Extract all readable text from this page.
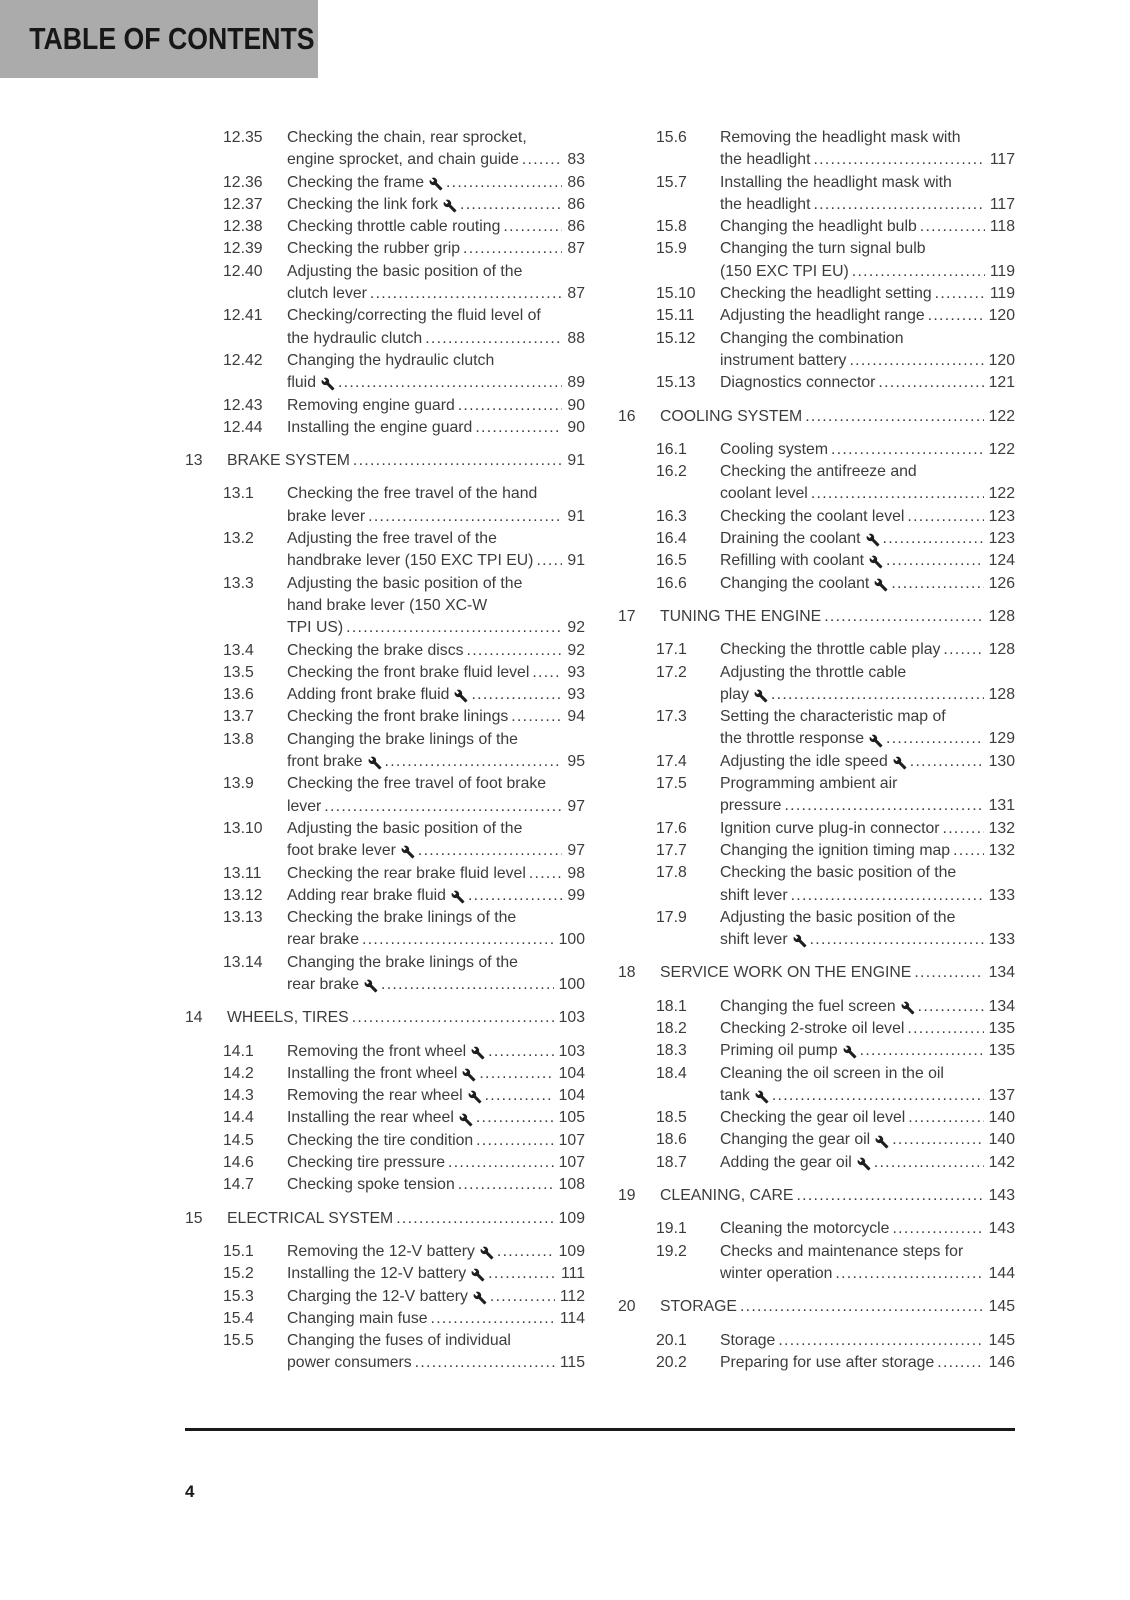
TABLE OF CONTENTS
12.35	Checking the chain, rear sprocket,
engine sprocket, and chain guide .....	83
12.36	Checking the frame .....	86
12.37	Checking the link fork .....	86
12.38	Checking throttle cable routing .....	86
12.39	Checking the rubber grip .....	87
12.40	Adjusting the basic position of the
clutch lever .....	87
12.41	Checking/correcting the fluid level of
the hydraulic clutch .....	88
12.42	Changing the hydraulic clutch
fluid .....	89
12.43	Removing engine guard .....	90
12.44	Installing the engine guard .....	90
13	BRAKE SYSTEM .....	91
13.1	Checking the free travel of the hand
brake lever .....	91
13.2	Adjusting the free travel of the
handbrake lever (150 EXC TPI EU) ..... 91
13.3	Adjusting the basic position of the
hand brake lever (150 XC-W
TPI US) .....	92
13.4	Checking the brake discs .....	92
13.5	Checking the front brake fluid level ..... 93
13.6	Adding front brake fluid .....	93
13.7	Checking the front brake linings .....	94
13.8	Changing the brake linings of the
front brake .....	95
13.9	Checking the free travel of foot brake
lever .....	97
13.10	Adjusting the basic position of the
foot brake lever .....	97
13.11	Checking the rear brake fluid level .....	98
13.12	Adding rear brake fluid .....	99
13.13	Checking the brake linings of the
rear brake .....	100
13.14	Changing the brake linings of the
rear brake .....	100
14	WHEELS, TIRES .....	103
14.1	Removing the front wheel .....	103
14.2	Installing the front wheel .....	104
14.3	Removing the rear wheel .....	104
14.4	Installing the rear wheel .....	105
14.5	Checking the tire condition .....	107
14.6	Checking tire pressure .....	107
14.7	Checking spoke tension .....	108
15	ELECTRICAL SYSTEM .....	109
15.1	Removing the 12-V battery .....	109
15.2	Installing the 12-V battery .....	111
15.3	Charging the 12-V battery .....	112
15.4	Changing main fuse .....	114
15.5	Changing the fuses of individual
power consumers .....	115
15.6	Removing the headlight mask with
the headlight .....	117
15.7	Installing the headlight mask with
the headlight .....	117
15.8	Changing the headlight bulb .....	118
15.9	Changing the turn signal bulb
(150 EXC TPI EU) .....	119
15.10	Checking the headlight setting .....	119
15.11	Adjusting the headlight range .....	120
15.12	Changing the combination
instrument battery .....	120
15.13	Diagnostics connector .....	121
16	COOLING SYSTEM .....	122
16.1	Cooling system .....	122
16.2	Checking the antifreeze and
coolant level .....	122
16.3	Checking the coolant level .....	123
16.4	Draining the coolant .....	123
16.5	Refilling with coolant .....	124
16.6	Changing the coolant .....	126
17	TUNING THE ENGINE .....	128
17.1	Checking the throttle cable play .....	128
17.2	Adjusting the throttle cable
play .....	128
17.3	Setting the characteristic map of
the throttle response .....	129
17.4	Adjusting the idle speed .....	130
17.5	Programming ambient air
pressure .....	131
17.6	Ignition curve plug-in connector .....	132
17.7	Changing the ignition timing map ..... 132
17.8	Checking the basic position of the
shift lever .....	133
17.9	Adjusting the basic position of the
shift lever .....	133
18	SERVICE WORK ON THE ENGINE .....	134
18.1	Changing the fuel screen .....	134
18.2	Checking 2-stroke oil level .....	135
18.3	Priming oil pump .....	135
18.4	Cleaning the oil screen in the oil
tank .....	137
18.5	Checking the gear oil level .....	140
18.6	Changing the gear oil .....	140
18.7	Adding the gear oil .....	142
19	CLEANING, CARE .....	143
19.1	Cleaning the motorcycle .....	143
19.2	Checks and maintenance steps for
winter operation .....	144
20	STORAGE .....	145
20.1	Storage .....	145
20.2	Preparing for use after storage .....	146
4
